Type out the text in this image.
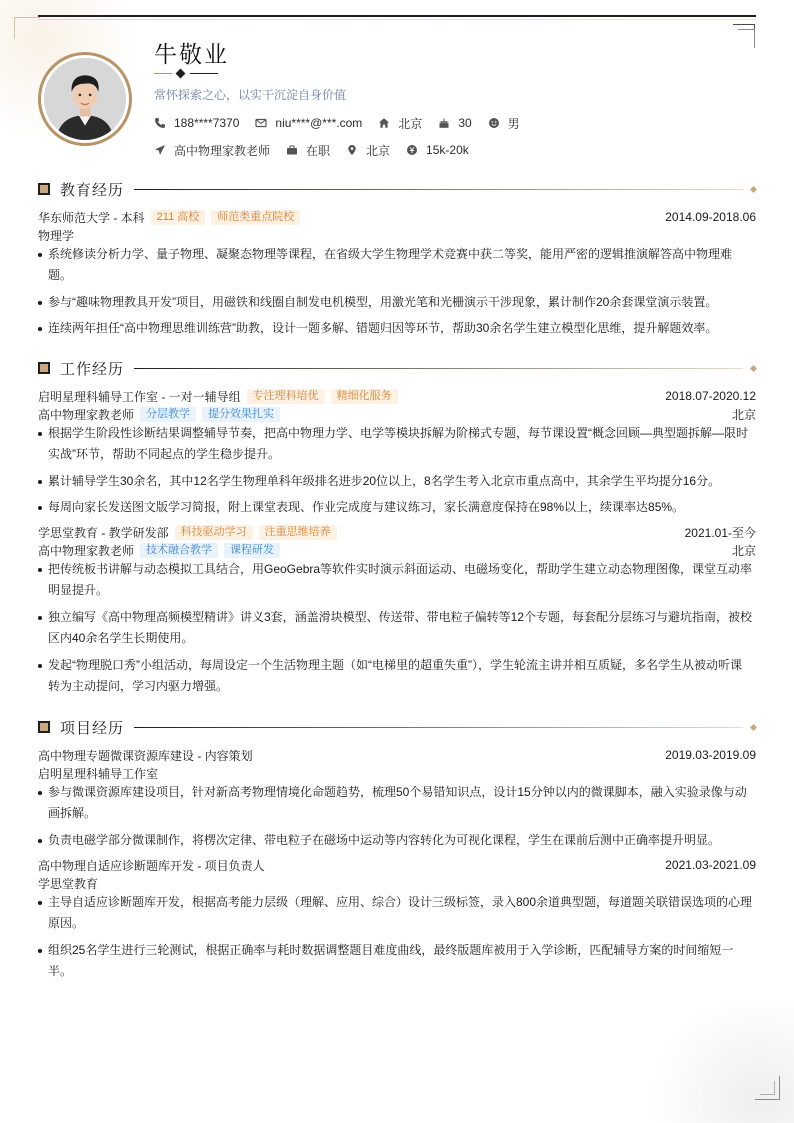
牛敬业
常怀探索之心，以实干沉淀自身价值
188****7370	niu****@***.com	北京	30	男
高中物理家教老师	在职	北京	15k-20k
教育经历
华东师范大学 - 本科	211 高校	师范类重点院校	2014.09-2018.06
物理学
系统修读分析力学、量子物理、凝聚态物理等课程，在省级大学生物理学术竞赛中获二等奖，能用严密的逻辑推演解答高中物理难
题。
参与“趣味物理教具开发”项目，用磁铁和线圈自制发电机模型，用激光笔和光栅演示干涉现象，累计制作20余套课堂演示装置。
连续两年担任“高中物理思维训练营”助教，设计一题多解、错题归因等环节，帮助30余名学生建立模型化思维，提升解题效率。
工作经历
启明星理科辅导工作室 - 一对一辅导组	专注理科培优	精细化服务	2018.07-2020.12
高中物理家教老师	分层教学	提分效果扎实	北京
根据学生阶段性诊断结果调整辅导节奏，把高中物理力学、电学等模块拆解为阶梯式专题，每节课设置“概念回顾—典型题拆解—限时
实战”环节，帮助不同起点的学生稳步提升。
累计辅导学生30余名，其中12名学生物理单科年级排名进步20位以上，8名学生考入北京市重点高中，其余学生平均提分16分。
每周向家长发送图文版学习简报，附上课堂表现、作业完成度与建议练习，家长满意度保持在98%以上，续课率达85%。
学思堂教育 - 教学研发部	科技驱动学习	注重思维培养	2021.01-至今
高中物理家教老师	技术融合教学	课程研发	北京
把传统板书讲解与动态模拟工具结合，用GeoGebra等软件实时演示斜面运动、电磁场变化，帮助学生建立动态物理图像，课堂互动率
明显提升。
独立编写《高中物理高频模型精讲》讲义3套，涵盖滑块模型、传送带、带电粒子偏转等12个专题，每套配分层练习与避坑指南，被校
区内40余名学生长期使用。
发起“物理脱口秀”小组活动，每周设定一个生活物理主题（如“电梯里的超重失重”），学生轮流主讲并相互质疑，多名学生从被动听课
转为主动提问，学习内驱力增强。
项目经历
高中物理专题微课资源库建设 - 内容策划	2019.03-2019.09
启明星理科辅导工作室
参与微课资源库建设项目，针对新高考物理情境化命题趋势，梳理50个易错知识点，设计15分钟以内的微课脚本，融入实验录像与动
画拆解。
负责电磁学部分微课制作，将楞次定律、带电粒子在磁场中运动等内容转化为可视化课程，学生在课前后测中正确率提升明显。
高中物理自适应诊断题库开发 - 项目负责人	2021.03-2021.09
学思堂教育
主导自适应诊断题库开发，根据高考能力层级（理解、应用、综合）设计三级标签，录入800余道典型题，每道题关联错误选项的心理
原因。
组织25名学生进行三轮测试，根据正确率与耗时数据调整题目难度曲线，最终版题库被用于入学诊断，匹配辅导方案的时间缩短一
半。
